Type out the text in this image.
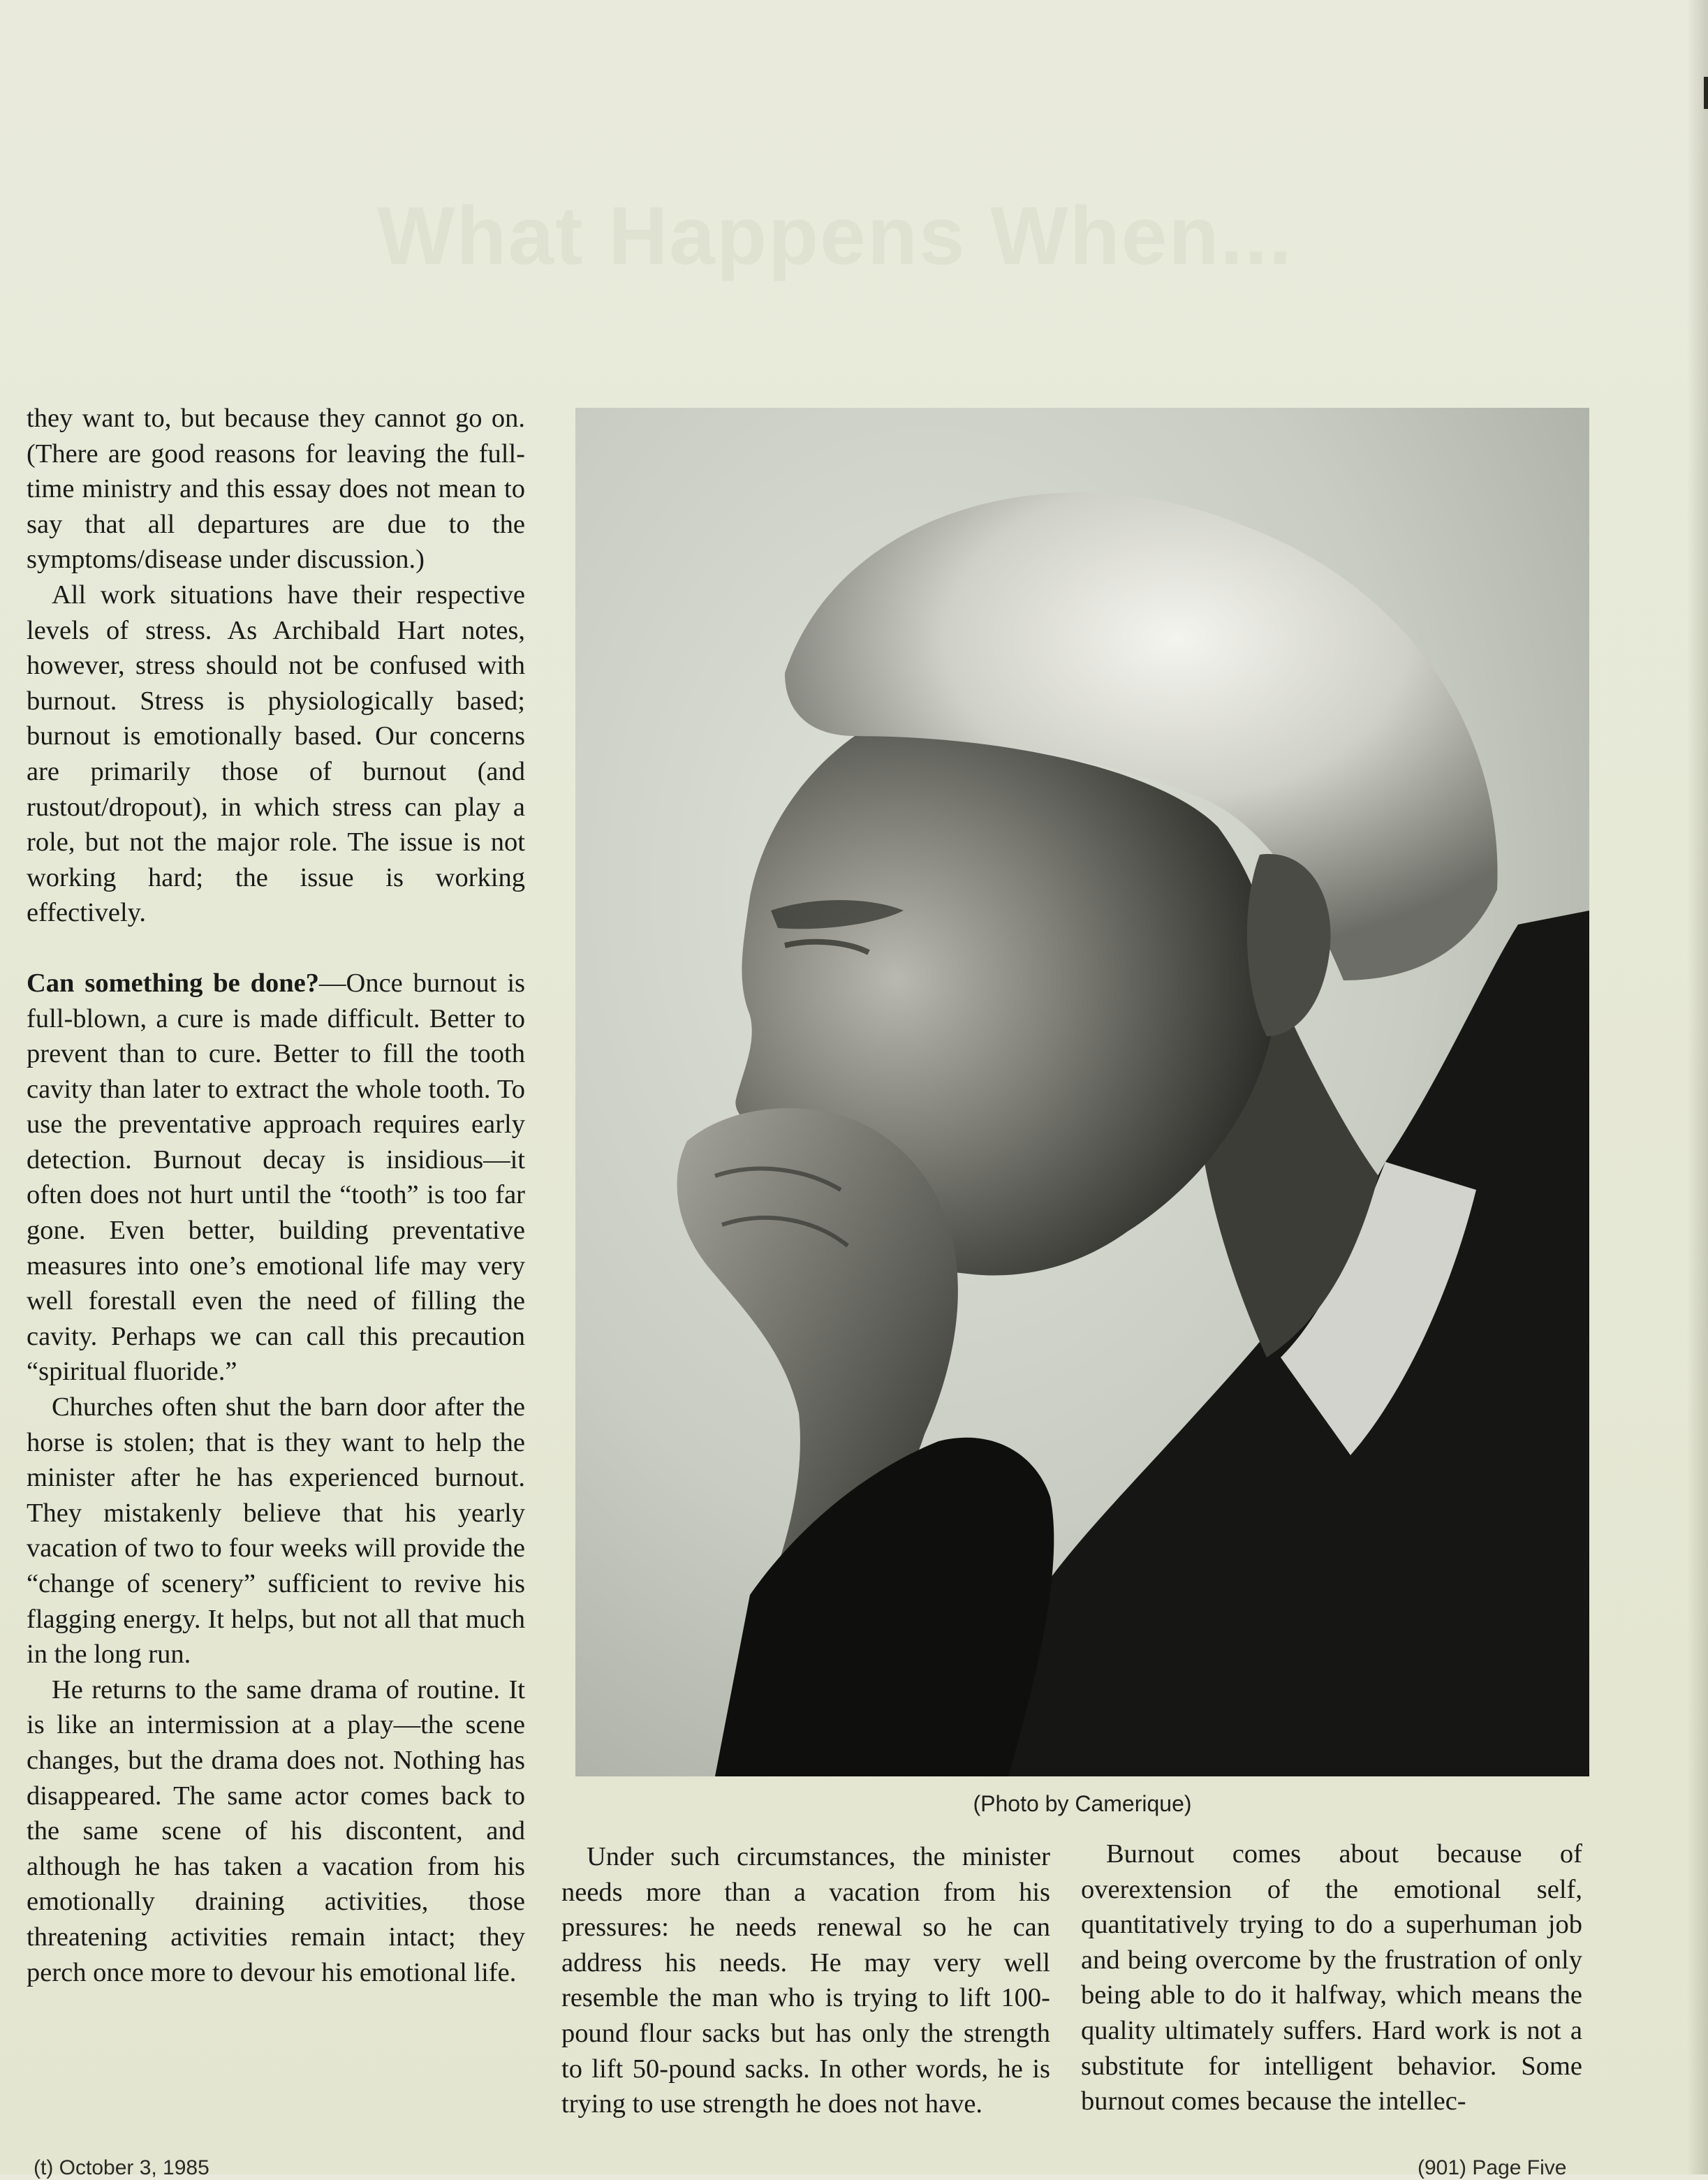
What Happens When...

they want to, but because they cannot go on. (There are good reasons for leaving the full-time ministry and this essay does not mean to say that all departures are due to the symptoms/disease under discussion.)

All work situations have their respective levels of stress. As Archibald Hart notes, however, stress should not be confused with burnout. Stress is physiologically based; burnout is emotionally based. Our concerns are primarily those of burnout (and rustout/dropout), in which stress can play a role, but not the major role. The issue is not working hard; the issue is working effectively.

Can something be done?—Once burnout is full-blown, a cure is made difficult. Better to prevent than to cure. Better to fill the tooth cavity than later to extract the whole tooth. To use the preventative approach requires early detection. Burnout decay is insidious—it often does not hurt until the “tooth” is too far gone. Even better, building preventative measures into one’s emotional life may very well forestall even the need of filling the cavity. Perhaps we can call this precaution “spiritual fluoride.”

Churches often shut the barn door after the horse is stolen; that is they want to help the minister after he has experienced burnout. They mistakenly believe that his yearly vacation of two to four weeks will provide the “change of scenery” sufficient to revive his flagging energy. It helps, but not all that much in the long run.

He returns to the same drama of routine. It is like an intermission at a play—the scene changes, but the drama does not. Nothing has disappeared. The same actor comes back to the same scene of his discontent, and although he has taken a vacation from his emotionally draining activities, those threatening activities remain intact; they perch once more to devour his emotional life.

(Photo by Camerique)

Under such circumstances, the minister needs more than a vacation from his pressures: he needs renewal so he can address his needs. He may very well resemble the man who is trying to lift 100-pound flour sacks but has only the strength to lift 50-pound sacks. In other words, he is trying to use strength he does not have.

Burnout comes about because of overextension of the emotional self, quantitatively trying to do a superhuman job and being overcome by the frustration of only being able to do it halfway, which means the quality ultimately suffers. Hard work is not a substitute for intelligent behavior. Some burnout comes because the intellec-

(t) October 3, 1985	(901) Page Five
